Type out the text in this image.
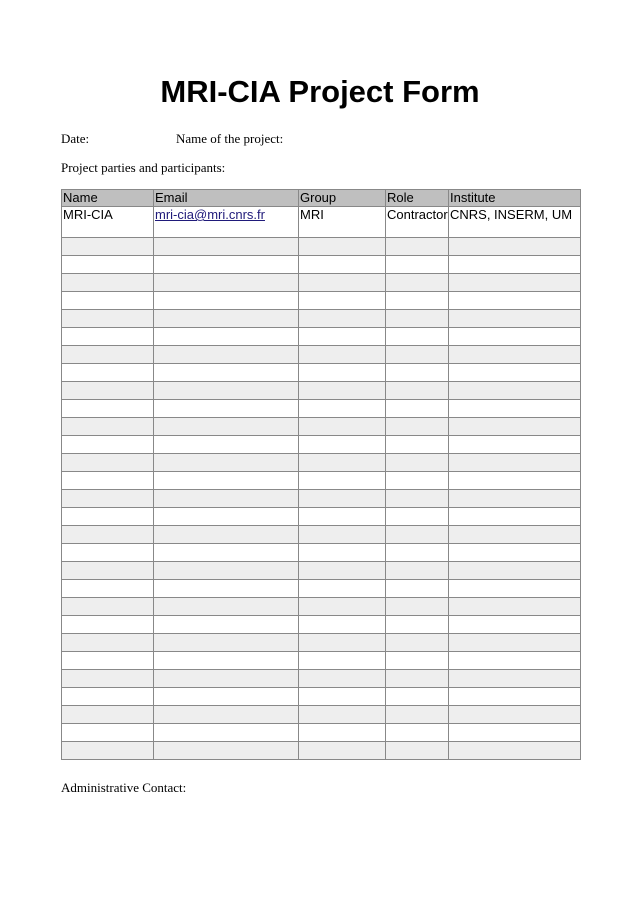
MRI-CIA Project Form
Date:	Name of the project:
Project parties and participants:
Name	Email	Group	Role	Institute
MRI-CIA	mri-cia@mri.cnrs.fr	MRI	Contractor	CNRS, INSERM, UM

Administrative Contact:
